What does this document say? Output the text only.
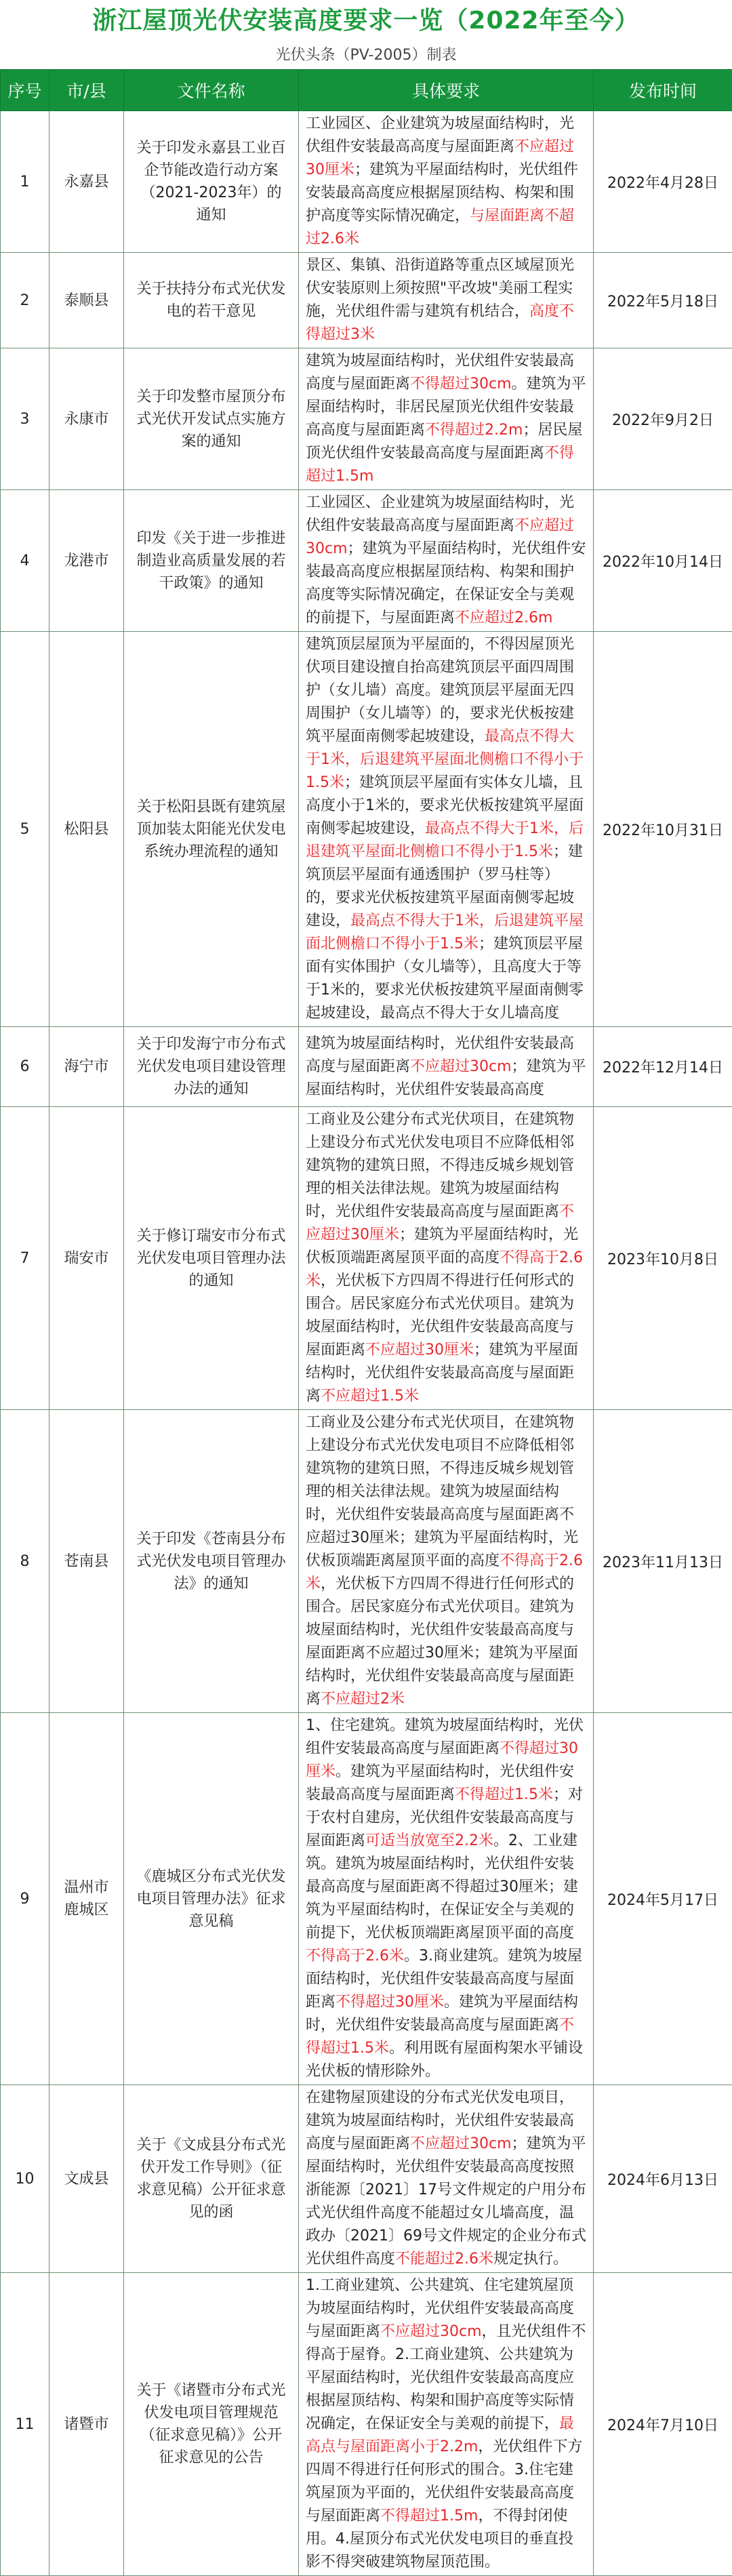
浙江屋顶光伏安装高度要求一览（2022年至今）
光伏头条（PV-2005）制表
序号	市/县	文件名称	具体要求	发布时间
1	永嘉县	关于印发永嘉县工业百企节能改造行动方案（2021-2023年）的通知	工业园区、企业建筑为坡屋面结构时，光伏组件安装最高高度与屋面距离不应超过30厘米；建筑为平屋面结构时，光伏组件安装最高高度应根据屋顶结构、构架和围护高度等实际情况确定，与屋面距离不超过2.6米	2022年4月28日
2	泰顺县	关于扶持分布式光伏发电的若干意见	景区、集镇、沿街道路等重点区域屋顶光伏安装原则上须按照"平改坡"美丽工程实施，光伏组件需与建筑有机结合，高度不得超过3米	2022年5月18日
3	永康市	关于印发整市屋顶分布式光伏开发试点实施方案的通知	建筑为坡屋面结构时，光伏组件安装最高高度与屋面距离不得超过30cm。建筑为平屋面结构时，非居民屋顶光伏组件安装最高高度与屋面距离不得超过2.2m；居民屋顶光伏组件安装最高高度与屋面距离不得超过1.5m	2022年9月2日
4	龙港市	印发《关于进一步推进制造业高质量发展的若干政策》的通知	工业园区、企业建筑为坡屋面结构时，光伏组件安装最高高度与屋面距离不应超过30cm；建筑为平屋面结构时，光伏组件安装最高高度应根据屋顶结构、构架和围护高度等实际情况确定，在保证安全与美观的前提下，与屋面距离不应超过2.6m	2022年10月14日
5	松阳县	关于松阳县既有建筑屋顶加装太阳能光伏发电系统办理流程的通知	建筑顶层屋顶为平屋面的，不得因屋顶光伏项目建设擅自抬高建筑顶层平面四周围护（女儿墙）高度。建筑顶层平屋面无四周围护（女儿墙等）的，要求光伏板按建筑平屋面南侧零起坡建设，最高点不得大于1米，后退建筑平屋面北侧檐口不得小于1.5米；建筑顶层平屋面有实体女儿墙，且高度小于1米的，要求光伏板按建筑平屋面南侧零起坡建设，最高点不得大于1米，后退建筑平屋面北侧檐口不得小于1.5米；建筑顶层平屋面有通透围护（罗马柱等）的，要求光伏板按建筑平屋面南侧零起坡建设，最高点不得大于1米，后退建筑平屋面北侧檐口不得小于1.5米；建筑顶层平屋面有实体围护（女儿墙等），且高度大于等于1米的，要求光伏板按建筑平屋面南侧零起坡建设，最高点不得大于女儿墙高度	2022年10月31日
6	海宁市	关于印发海宁市分布式光伏发电项目建设管理办法的通知	建筑为坡屋面结构时，光伏组件安装最高高度与屋面距离不应超过30cm；建筑为平屋面结构时，光伏组件安装最高高度	2022年12月14日
7	瑞安市	关于修订瑞安市分布式光伏发电项目管理办法的通知	工商业及公建分布式光伏项目，在建筑物上建设分布式光伏发电项目不应降低相邻建筑物的建筑日照，不得违反城乡规划管理的相关法律法规。建筑为坡屋面结构时，光伏组件安装最高高度与屋面距离不应超过30厘米；建筑为平屋面结构时，光伏板顶端距离屋顶平面的高度不得高于2.6米，光伏板下方四周不得进行任何形式的围合。居民家庭分布式光伏项目。建筑为坡屋面结构时，光伏组件安装最高高度与屋面距离不应超过30厘米；建筑为平屋面结构时，光伏组件安装最高高度与屋面距离不应超过1.5米	2023年10月8日
8	苍南县	关于印发《苍南县分布式光伏发电项目管理办法》的通知	工商业及公建分布式光伏项目，在建筑物上建设分布式光伏发电项目不应降低相邻建筑物的建筑日照，不得违反城乡规划管理的相关法律法规。建筑为坡屋面结构时，光伏组件安装最高高度与屋面距离不应超过30厘米；建筑为平屋面结构时，光伏板顶端距离屋顶平面的高度不得高于2.6米，光伏板下方四周不得进行任何形式的围合。居民家庭分布式光伏项目。建筑为坡屋面结构时，光伏组件安装最高高度与屋面距离不应超过30厘米；建筑为平屋面结构时，光伏组件安装最高高度与屋面距离不应超过2米	2023年11月13日
9	温州市鹿城区	《鹿城区分布式光伏发电项目管理办法》征求意见稿	1、住宅建筑。建筑为坡屋面结构时，光伏组件安装最高高度与屋面距离不得超过30厘米。建筑为平屋面结构时，光伏组件安装最高高度与屋面距离不得超过1.5米；对于农村自建房，光伏组件安装最高高度与屋面距离可适当放宽至2.2米。2、工业建筑。建筑为坡屋面结构时，光伏组件安装最高高度与屋面距离不得超过30厘米；建筑为平屋面结构时，在保证安全与美观的前提下，光伏板顶端距离屋顶平面的高度不得高于2.6米。3.商业建筑。建筑为坡屋面结构时，光伏组件安装最高高度与屋面距离不得超过30厘米。建筑为平屋面结构时，光伏组件安装最高高度与屋面距离不得超过1.5米。利用既有屋面构架水平铺设光伏板的情形除外。	2024年5月17日
10	文成县	关于《文成县分布式光伏开发工作导则》（征求意见稿）公开征求意见的函	在建物屋顶建设的分布式光伏发电项目，建筑为坡屋面结构时，光伏组件安装最高高度与屋面距离不应超过30cm；建筑为平屋面结构时，光伏组件安装最高高度按照浙能源〔2021〕17号文件规定的户用分布式光伏组件高度不能超过女儿墙高度，温政办〔2021〕69号文件规定的企业分布式光伏组件高度不能超过2.6米规定执行。	2024年6月13日
11	诸暨市	关于《诸暨市分布式光伏发电项目管理规范（征求意见稿）》公开征求意见的公告	1.工商业建筑、公共建筑、住宅建筑屋顶为坡屋面结构时，光伏组件安装最高高度与屋面距离不应超过30cm，且光伏组件不得高于屋脊。2.工商业建筑、公共建筑为平屋面结构时，光伏组件安装最高高度应根据屋顶结构、构架和围护高度等实际情况确定，在保证安全与美观的前提下，最高点与屋面距离小于2.2m，光伏组件下方四周不得进行任何形式的围合。3.住宅建筑屋顶为平面的，光伏组件安装最高高度与屋面距离不得超过1.5m，不得封闭使用。4.屋顶分布式光伏发电项目的垂直投影不得突破建筑物屋顶范围。	2024年7月10日
